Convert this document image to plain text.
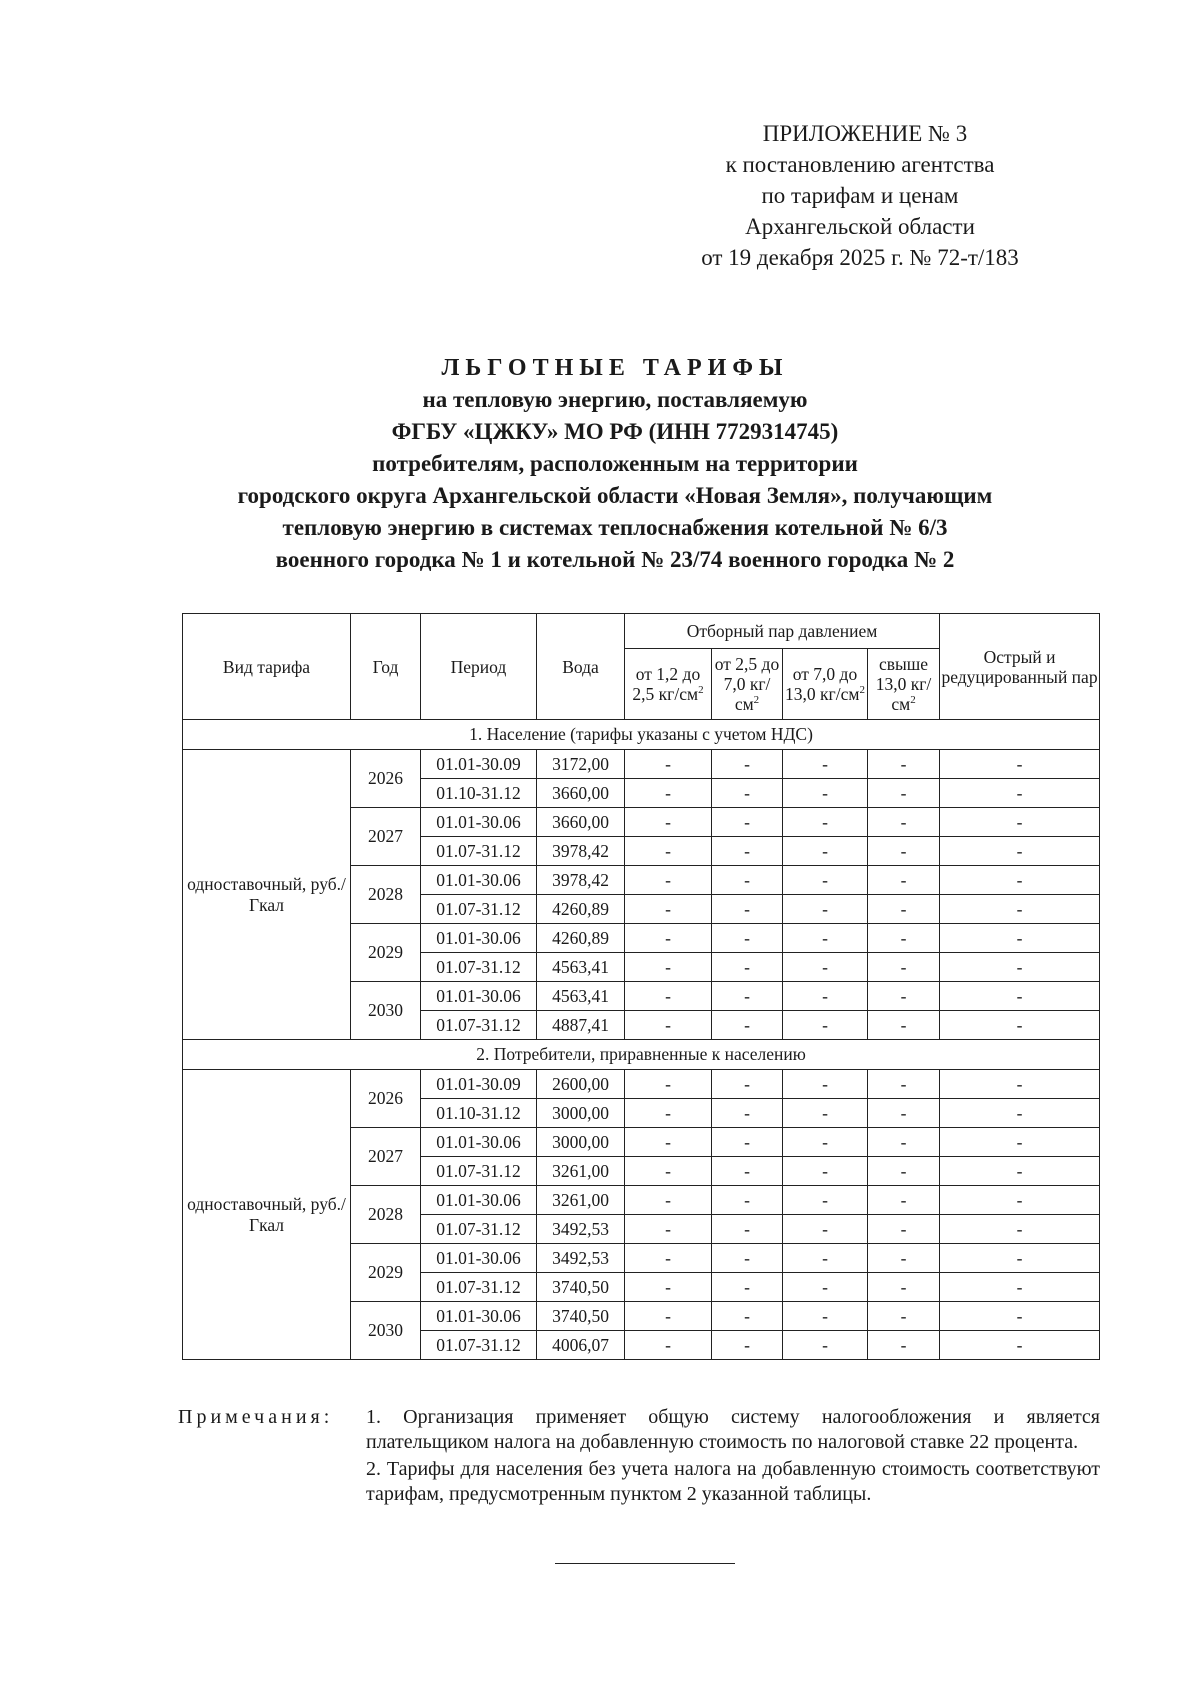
ПРИЛОЖЕНИЕ № 3
к постановлению агентства
по тарифам и ценам
Архангельской области
от 19 декабря 2025 г. № 72-т/183
ЛЬГОТНЫЕ ТАРИФЫ
на тепловую энергию, поставляемую
ФГБУ «ЦЖКУ» МО РФ (ИНН 7729314745)
потребителям, расположенным на территории
городского округа Архангельской области «Новая Земля», получающим
тепловую энергию в системах теплоснабжения котельной № 6/3
военного городка № 1 и котельной № 23/74 военного городка № 2
Вид тарифа	Год	Период	Вода	Отборный пар давлением				Острый и редуцированный пар
				от 1,2 до 2,5 $кг/см^2$	от 2,5 до 7,0 $кг/см^2$	от 7,0 до 13,0 $кг/см^2$	свыше 13,0 $кг/см^2$
1. Население (тарифы указаны с учетом НДС)								
одноставочный, руб./Гкал	2026	01.01-30.09	3172,00	-	-	-	-	-
		01.10-31.12	3660,00	-	-	-	-	-
	2027	01.01-30.06	3660,00	-	-	-	-	-
		01.07-31.12	3978,42	-	-	-	-	-
	2028	01.01-30.06	3978,42	-	-	-	-	-
		01.07-31.12	4260,89	-	-	-	-	-
	2029	01.01-30.06	4260,89	-	-	-	-	-
		01.07-31.12	4563,41	-	-	-	-	-
	2030	01.01-30.06	4563,41	-	-	-	-	-
		01.07-31.12	4887,41	-	-	-	-	-
2. Потребители, приравненные к населению								
одноставочный, руб./Гкал	2026	01.01-30.09	2600,00	-	-	-	-	-
		01.10-31.12	3000,00	-	-	-	-	-
	2027	01.01-30.06	3000,00	-	-	-	-	-
		01.07-31.12	3261,00	-	-	-	-	-
	2028	01.01-30.06	3261,00	-	-	-	-	-
		01.07-31.12	3492,53	-	-	-	-	-
	2029	01.01-30.06	3492,53	-	-	-	-	-
		01.07-31.12	3740,50	-	-	-	-	-
	2030	01.01-30.06	3740,50	-	-	-	-	-
		01.07-31.12	4006,07	-	-	-	-	-
Примечания: 1. Организация применяет общую систему налогообложения и является плательщиком налога на добавленную стоимость по налоговой ставке 22 процента.
2. Тарифы для населения без учета налога на добавленную стоимость соответствуют тарифам, предусмотренным пунктом 2 указанной таблицы.
